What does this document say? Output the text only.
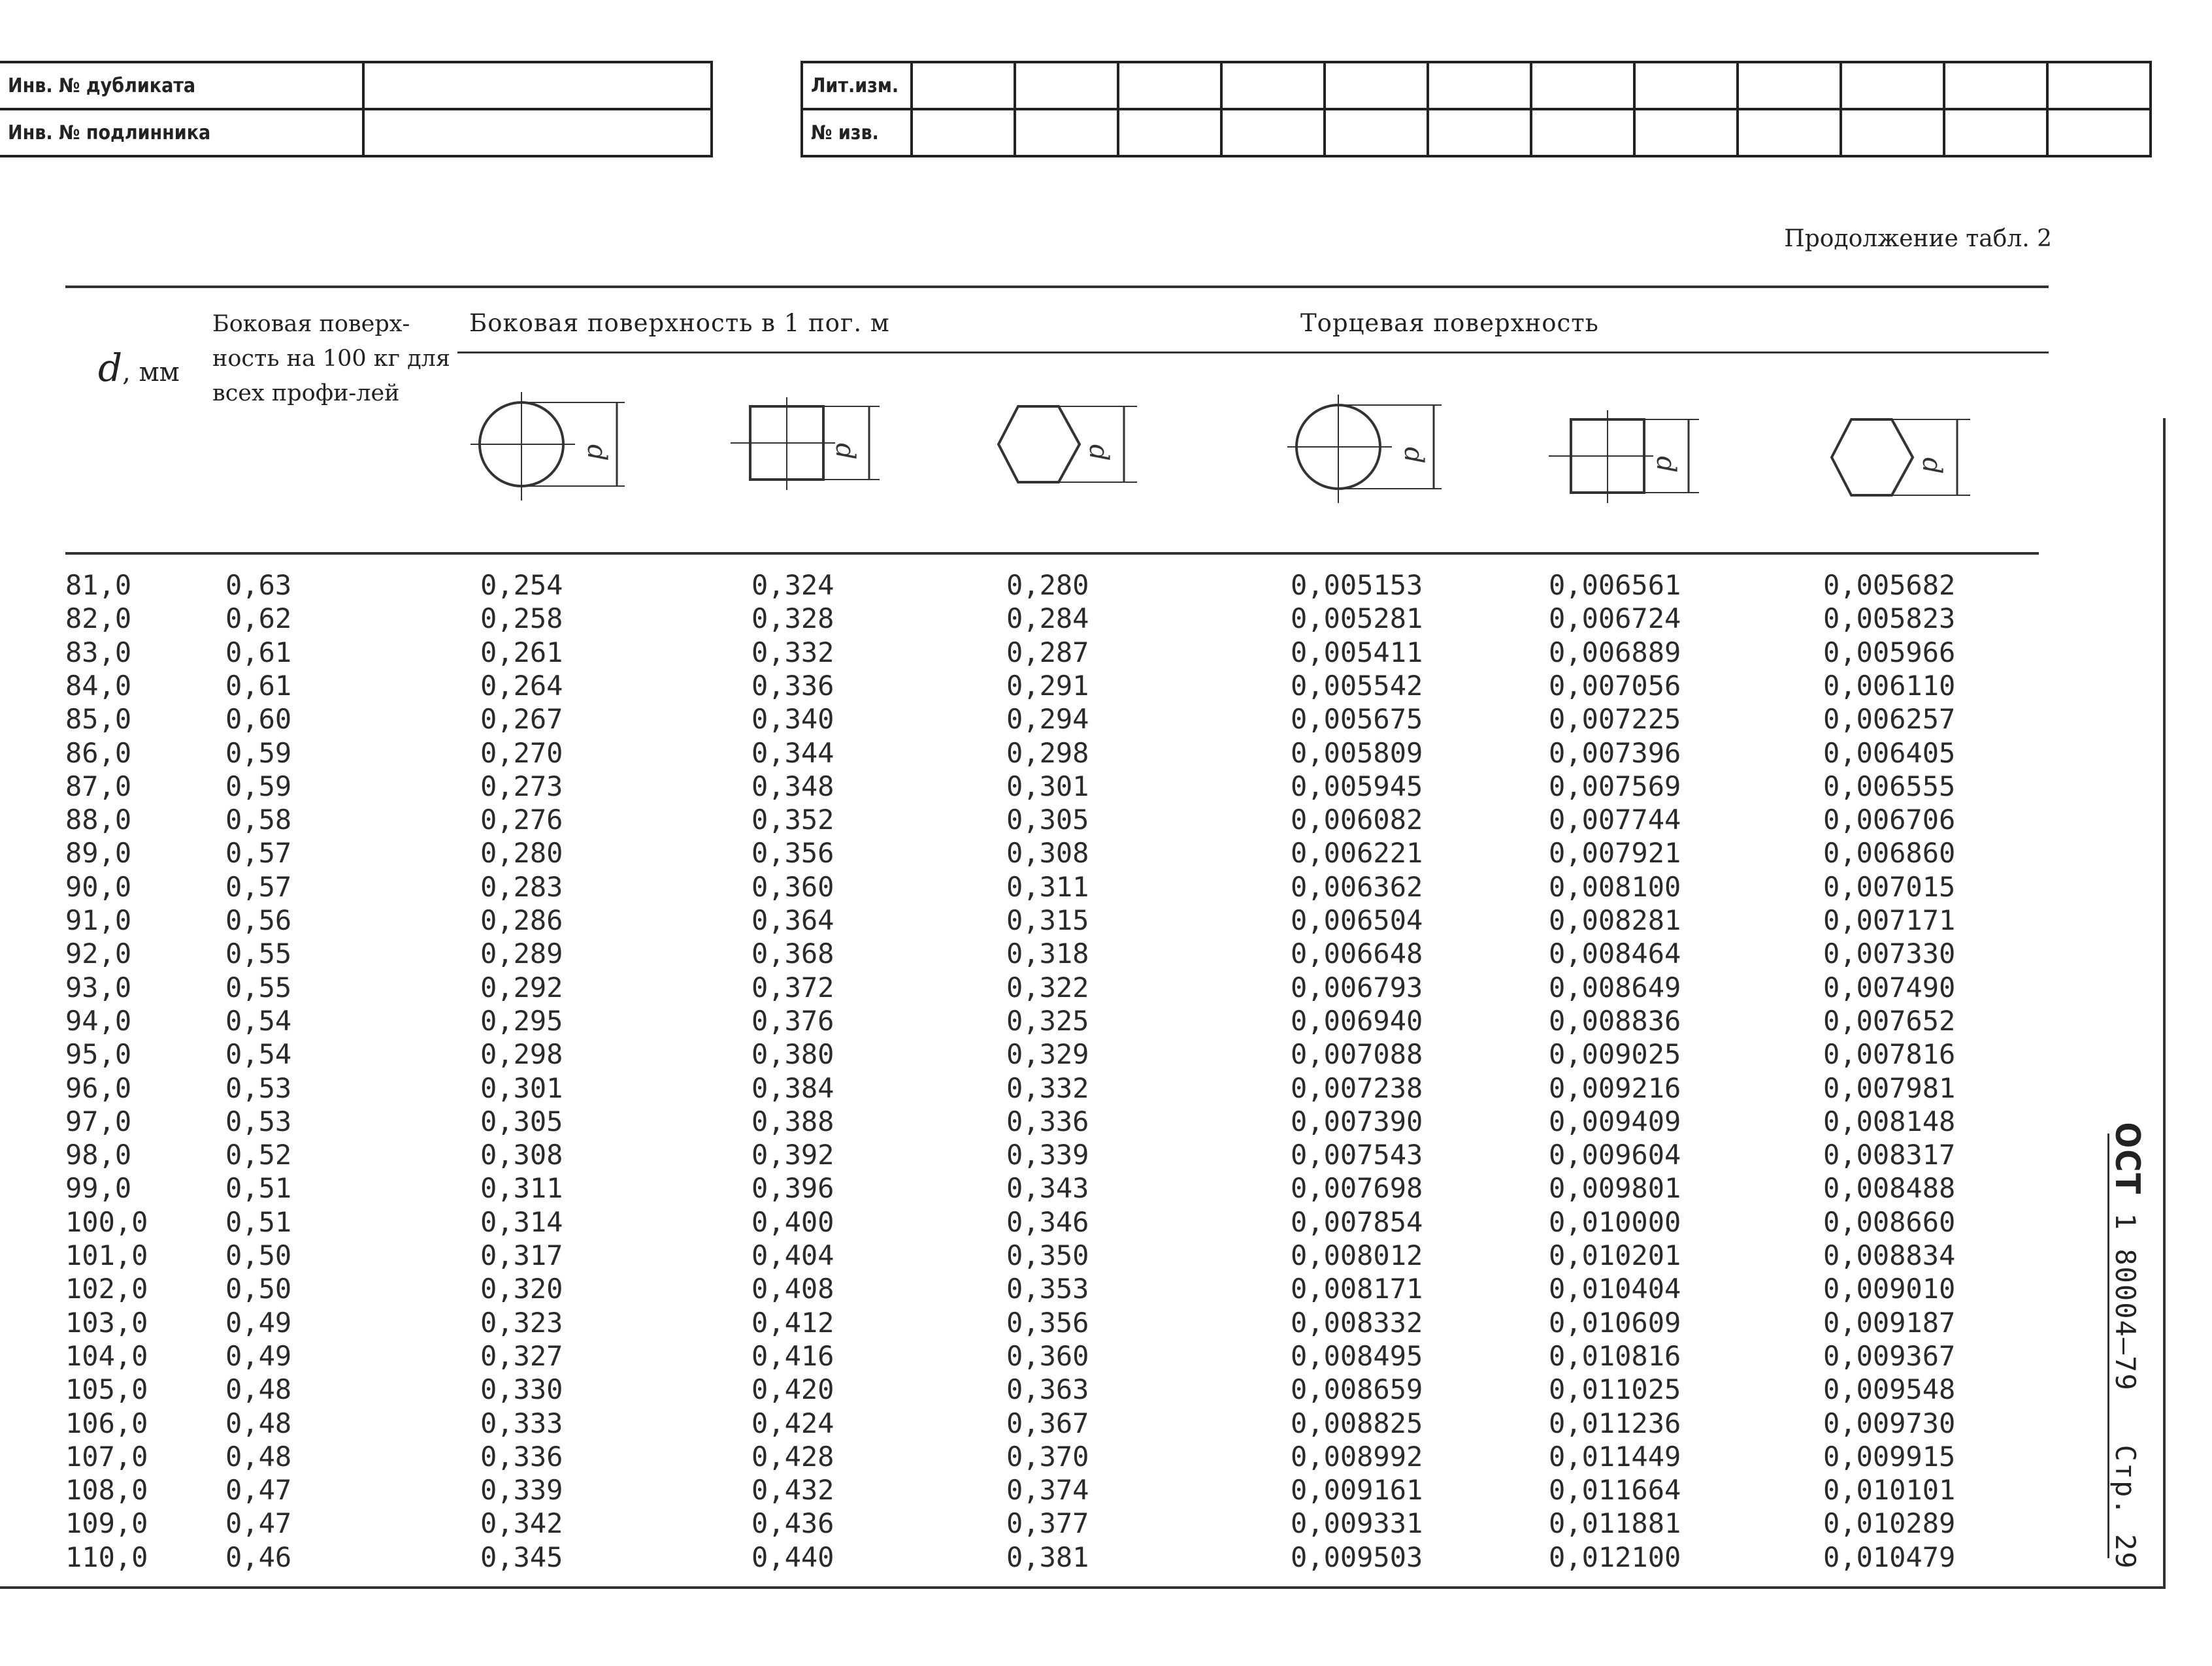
Инв. № дубликата	
Инв. № подлинника	
Лит.изм.												
№ изв.												
Продолжение табл. 2
d, мм
Боковая поверх-ность на 100 кг для всех профи-лей
Боковая поверхность в 1 пог. м	Торцевая поверхность
d	d	d	d
d	d
81,0	0,63	0,254	0,324	0,280	0,005153	0,006561	0,005682
82,0	0,62	0,258	0,328	0,284	0,005281	0,006724	0,005823
83,0	0,61	0,261	0,332	0,287	0,005411	0,006889	0,005966
84,0	0,61	0,264	0,336	0,291	0,005542	0,007056	0,006110
85,0	0,60	0,267	0,340	0,294	0,005675	0,007225	0,006257
86,0	0,59	0,270	0,344	0,298	0,005809	0,007396	0,006405
87,0	0,59	0,273	0,348	0,301	0,005945	0,007569	0,006555
88,0	0,58	0,276	0,352	0,305	0,006082	0,007744	0,006706
89,0	0,57	0,280	0,356	0,308	0,006221	0,007921	0,006860
90,0	0,57	0,283	0,360	0,311	0,006362	0,008100	0,007015
91,0	0,56	0,286	0,364	0,315	0,006504	0,008281	0,007171
92,0	0,55	0,289	0,368	0,318	0,006648	0,008464	0,007330
93,0	0,55	0,292	0,372	0,322	0,006793	0,008649	0,007490
94,0	0,54	0,295	0,376	0,325	0,006940	0,008836	0,007652
95,0	0,54	0,298	0,380	0,329	0,007088	0,009025	0,007816
96,0	0,53	0,301	0,384	0,332	0,007238	0,009216	0,007981
97,0	0,53	0,305	0,388	0,336	0,007390	0,009409	0,008148
98,0	0,52	0,308	0,392	0,339	0,007543	0,009604	0,008317
99,0	0,51	0,311	0,396	0,343	0,007698	0,009801	0,008488
100,0	0,51	0,314	0,400	0,346	0,007854	0,010000	0,008660
101,0	0,50	0,317	0,404	0,350	0,008012	0,010201	0,008834
102,0	0,50	0,320	0,408	0,353	0,008171	0,010404	0,009010
103,0	0,49	0,323	0,412	0,356	0,008332	0,010609	0,009187
104,0	0,49	0,327	0,416	0,360	0,008495	0,010816	0,009367
105,0	0,48	0,330	0,420	0,363	0,008659	0,011025	0,009548
106,0	0,48	0,333	0,424	0,367	0,008825	0,011236	0,009730
107,0	0,48	0,336	0,428	0,370	0,008992	0,011449	0,009915
108,0	0,47	0,339	0,432	0,374	0,009161	0,011664	0,010101
109,0	0,47	0,342	0,436	0,377	0,009331	0,011881	0,010289
110,0	0,46	0,345	0,440	0,381	0,009503	0,012100	0,010479
ОСТ 1 80004–79   Стр. 29
